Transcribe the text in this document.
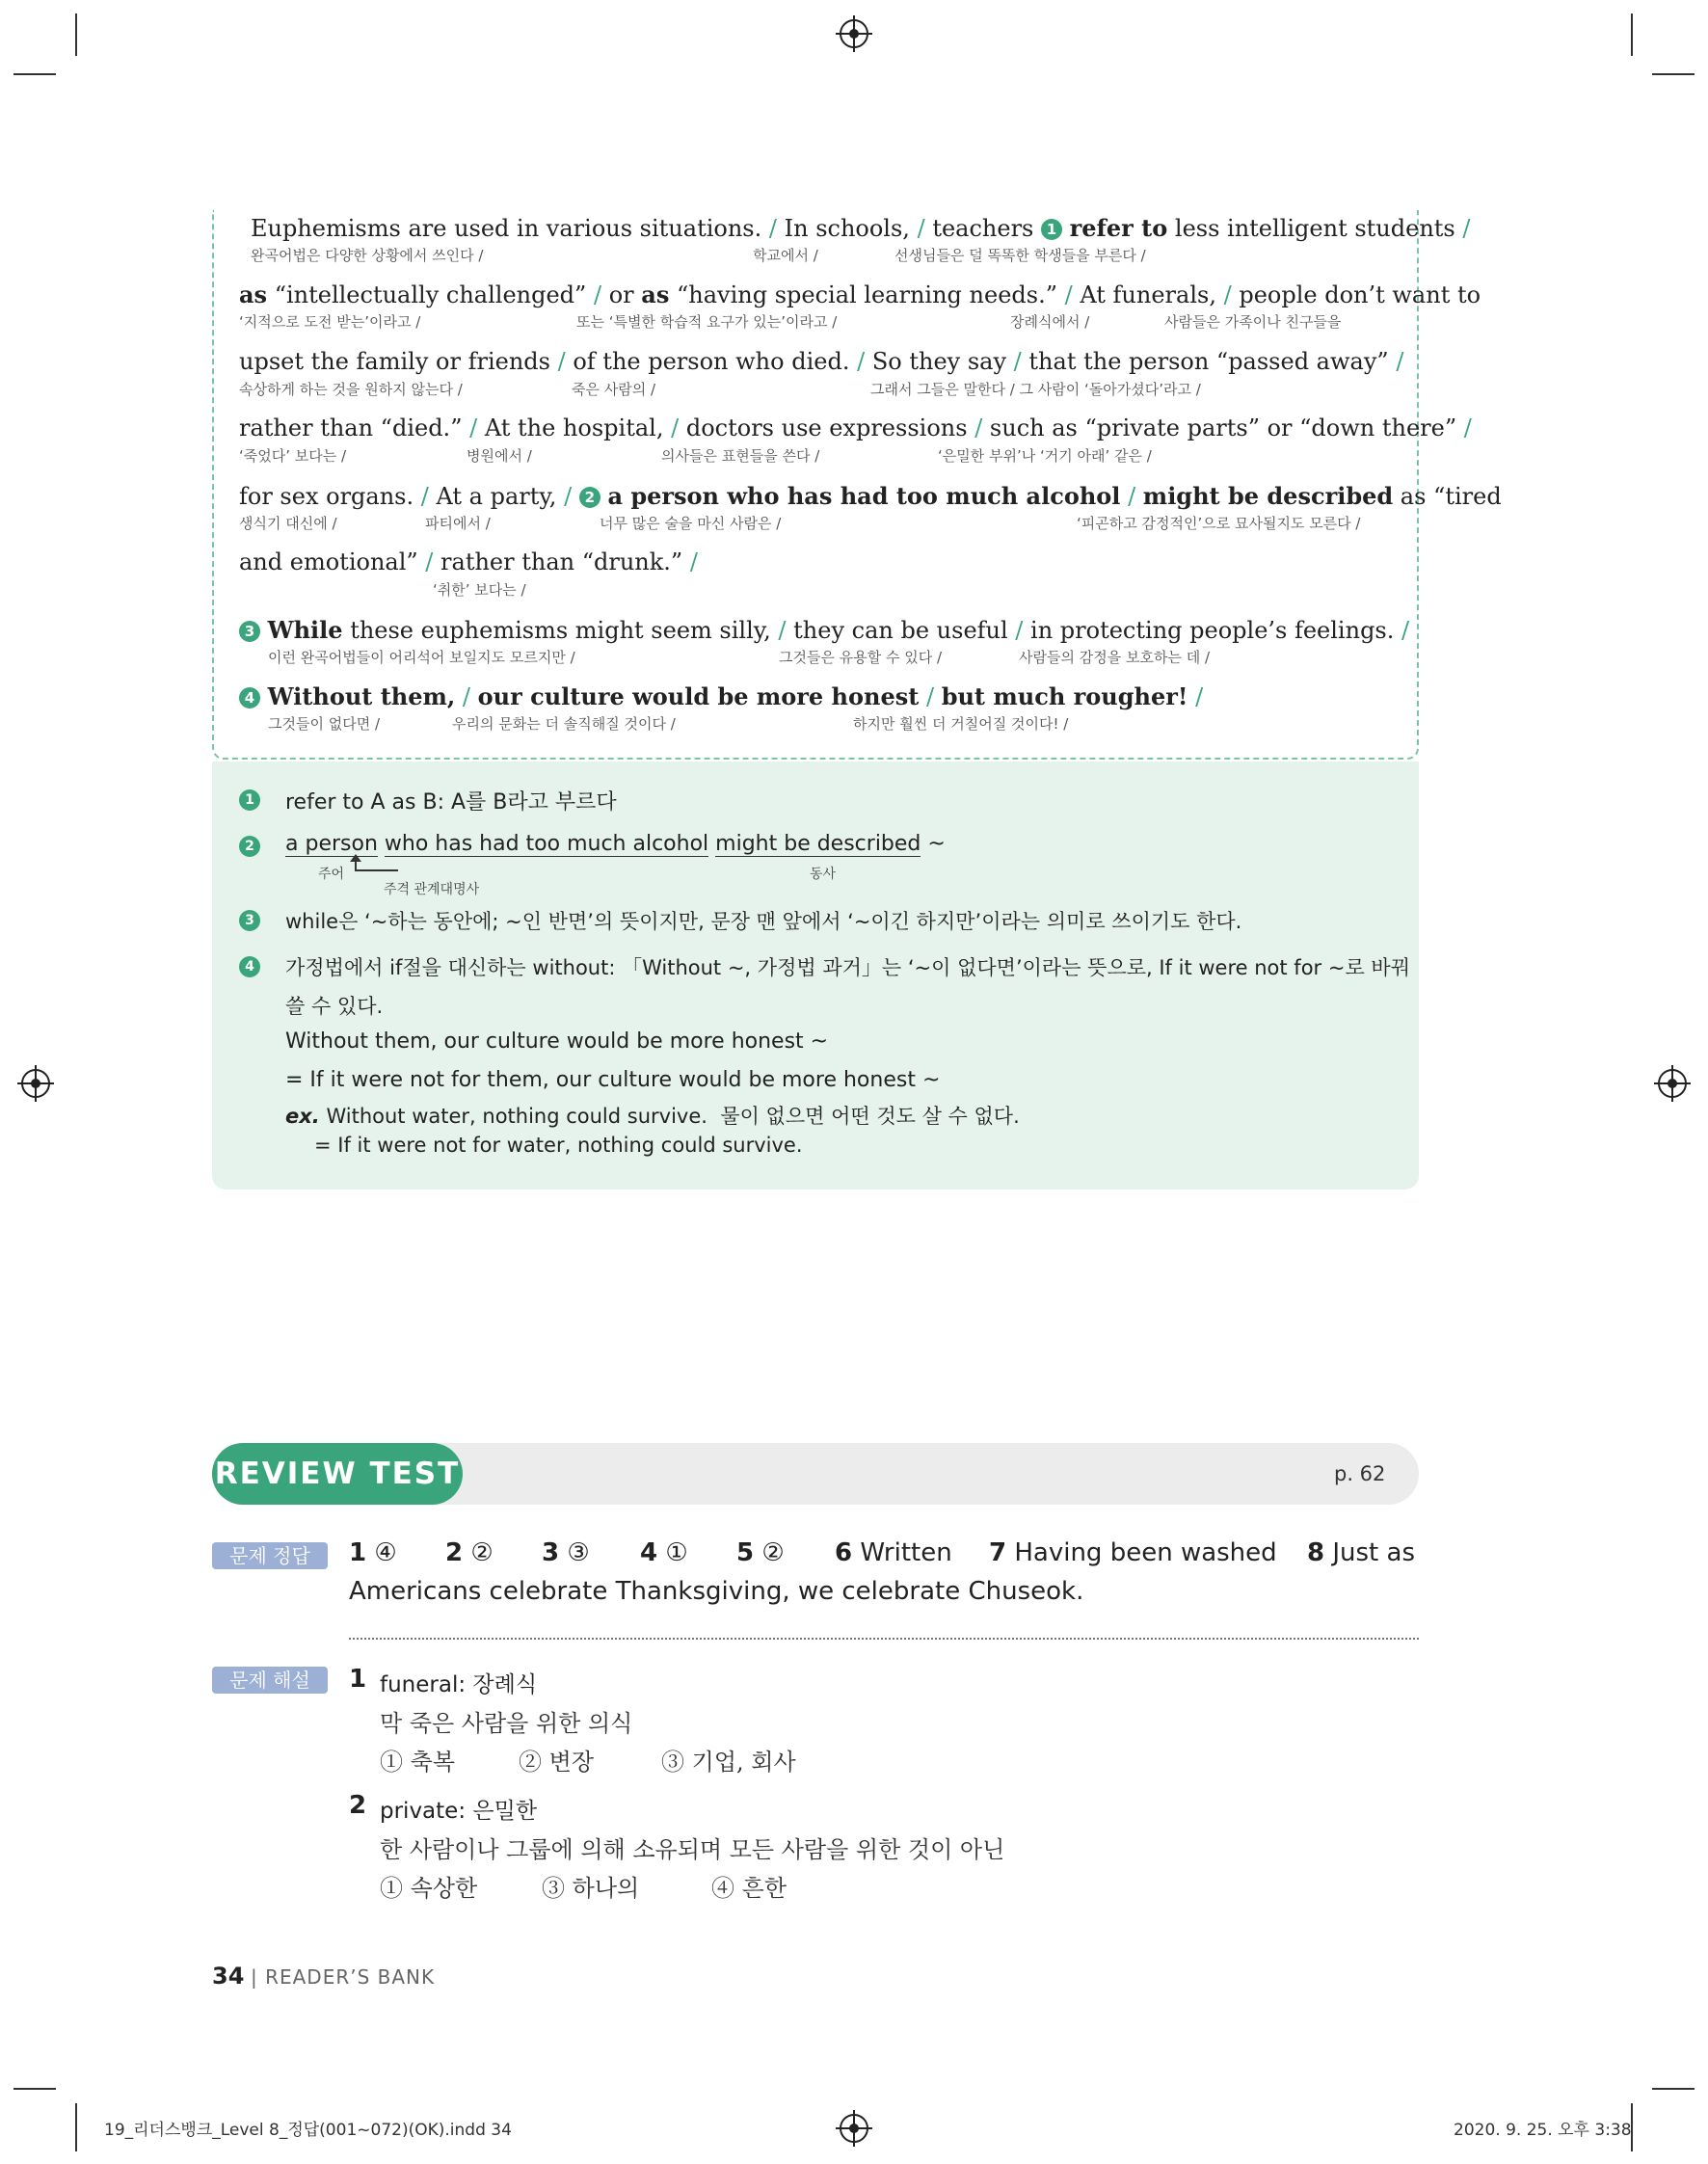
Euphemisms are used in various situations. / In schools, / teachers 1 refer to less intelligent students /
완곡어법은 다양한 상황에서 쓰인다 /	학교에서 /	선생님들은 덜 똑똑한 학생들을 부른다 /
as “intellectually challenged” / or as “having special learning needs.” / At funerals, / people don’t want to
‘지적으로 도전 받는’이라고 /	또는 ‘특별한 학습적 요구가 있는’이라고 /	장례식에서 /	사람들은 가족이나 친구들을
upset the family or friends / of the person who died. / So they say / that the person “passed away” /
속상하게 하는 것을 원하지 않는다 /	죽은 사람의 /	그래서 그들은 말한다 / 그 사람이 ‘돌아가셨다’라고 /
rather than “died.” / At the hospital, / doctors use expressions / such as “private parts” or “down there” /
‘죽었다’ 보다는 /	병원에서 /	의사들은 표현들을 쓴다 /	‘은밀한 부위’나 ‘거기 아래’ 같은 /
for sex organs. / At a party, / 2 a person who has had too much alcohol / might be described as “tired
생식기 대신에 /	파티에서 /	너무 많은 술을 마신 사람은 /	‘피곤하고 감정적인’으로 묘사될지도 모른다 /
and emotional” / rather than “drunk.” /
‘취한’ 보다는 /
3 While these euphemisms might seem silly, / they can be useful / in protecting people’s feelings. /
이런 완곡어법들이 어리석어 보일지도 모르지만 /	그것들은 유용할 수 있다 /	사람들의 감정을 보호하는 데 /
4 Without them, / our culture would be more honest / but much rougher! /
그것들이 없다면 /	우리의 문화는 더 솔직해질 것이다 /	하지만 훨씬 더 거칠어질 것이다! /
1 refer to A as B: A를 B라고 부르다
2 a person who has had too much alcohol might be described ~
주어
주격 관계대명사
동사
3 while은 ‘~하는 동안에; ~인 반면’의 뜻이지만, 문장 맨 앞에서 ‘~이긴 하지만’이라는 의미로 쓰이기도 한다.
4 가정법에서 if절을 대신하는 without: 「Without ~, 가정법 과거」는 ‘~이 없다면’이라는 뜻으로, If it were not for ~로 바꿔
쓸 수 있다.
Without them, our culture would be more honest ~
= If it were not for them, our culture would be more honest ~
ex. Without water, nothing could survive. 물이 없으면 어떤 것도 살 수 없다.
= If it were not for water, nothing could survive.
REVIEW TEST	p. 62
문제 정답	1 ④ 2 ② 3 ③ 4 ① 5 ② 6 Written 7 Having been washed 8 Just as
Americans celebrate Thanksgiving, we celebrate Chuseok.
문제 해설	1 funeral: 장례식
막 죽은 사람을 위한 의식
① 축복	② 변장	③ 기업, 회사
2 private: 은밀한
한 사람이나 그룹에 의해 소유되며 모든 사람을 위한 것이 아닌
① 속상한	③ 하나의	④ 흔한
34 | READER’S BANK
19_리더스뱅크_Level 8_정답(001~072)(OK).indd 34	2020. 9. 25. 오후 3:38
